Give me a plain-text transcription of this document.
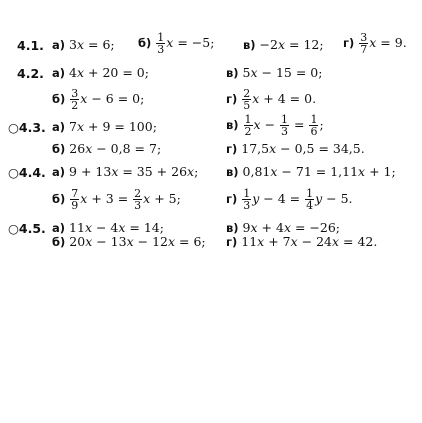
4.1. а) 3x = 6; $б) \frac{1}{3}$ x = −5; в) −2x = 12; $г) \frac{3}{7}$ x = 9.
4.2. а) 4x + 20 = 0;	в) 5x − 15 = 0;
$б) \frac{3}{2}$ x − 6 = 0;	$г) \frac{2}{5}$ x + 4 = 0.
○4.3. а) 7x + 9 = 100;	$в) \frac{1}{2}$ $x - \frac{1}{3} = \frac{1}{6}$ ;
б) 26x − 0,8 = 7;	г) 17,5x − 0,5 = 34,5.
○4.4. а) 9 + 13x = 35 + 26x; в) 0,81x − 71 = 1,11x + 1;
$б) \frac{7}{9}$ $x + 3 = \frac{2}{3}$ x + 5;	$г) \frac{1}{3}$ $y - 4 = \frac{1}{4}$ y − 5.
○4.5. а) 11x − 4x = 14;	в) 9x + 4x = −26;
б) 20x − 13x − 12x = 6; г) 11x + 7x − 24x = 42.
